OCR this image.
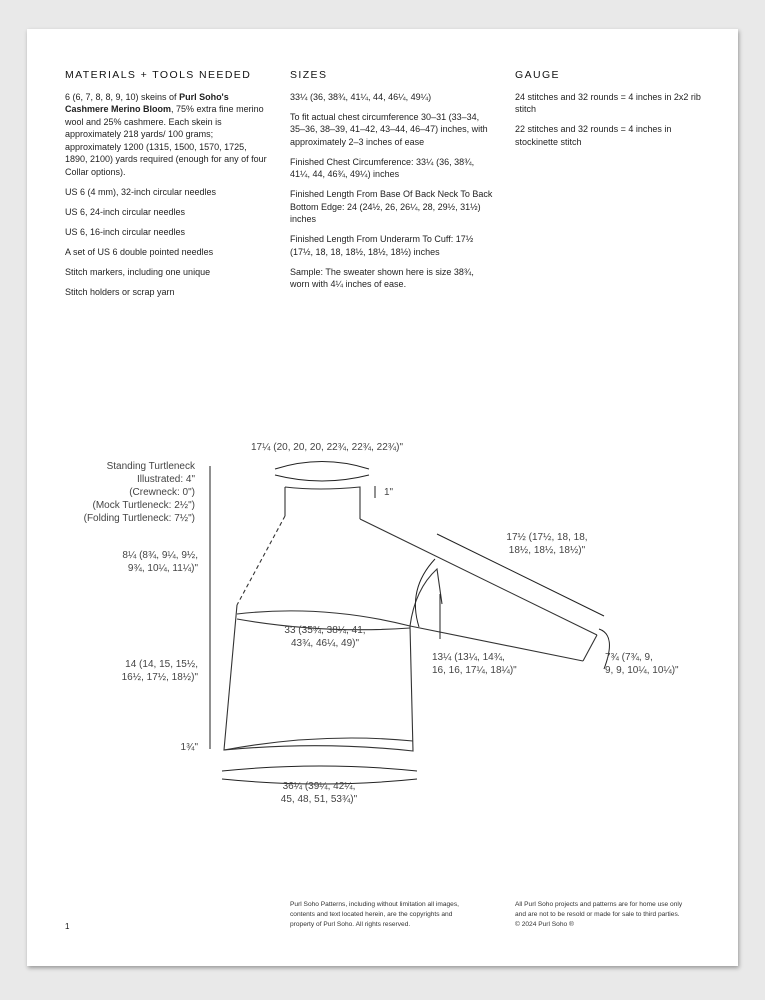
MATERIALS + TOOLS NEEDED

6 (6, 7, 8, 8, 9, 10) skeins of Purl Soho's Cashmere Merino Bloom, 75% extra fine merino wool and 25% cashmere. Each skein is approximately 218 yards/ 100 grams; approximately 1200 (1315, 1500, 1570, 1725, 1890, 2100) yards required (enough for any of four Collar options).

US 6 (4 mm), 32-inch circular needles

US 6, 24-inch circular needles

US 6, 16-inch circular needles

A set of US 6 double pointed needles

Stitch markers, including one unique

Stitch holders or scrap yarn

SIZES

33¼ (36, 38¾, 41¼, 44, 46¼, 49¼)

To fit actual chest circumference 30–31 (33–34, 35–36, 38–39, 41–42, 43–44, 46–47) inches, with approximately 2–3 inches of ease

Finished Chest Circumference: 33¼ (36, 38¾, 41¼, 44, 46¾, 49¼) inches

Finished Length From Base Of Back Neck To Back Bottom Edge: 24 (24½, 26, 26¼, 28, 29½, 31½) inches

Finished Length From Underarm To Cuff: 17½ (17½, 18, 18, 18½, 18½, 18½) inches

Sample: The sweater shown here is size 38¾, worn with 4¼ inches of ease.

GAUGE

24 stitches and 32 rounds = 4 inches in 2x2 rib stitch

22 stitches and 32 rounds = 4 inches in stockinette stitch

17¼ (20, 20, 20, 22¾, 22¾, 22¾)"
Standing Turtleneck
Illustrated: 4"
(Crewneck: 0")
(Mock Turtleneck: 2½")
(Folding Turtleneck: 7½")
1"
8¼ (8¾, 9¼, 9½,
9¾, 10¼, 11¼)"
17½ (17½, 18, 18,
18½, 18½, 18½)"
33 (35¾, 38¼, 41,
43¾, 46¼, 49)"
14 (14, 15, 15½,
16½, 17½, 18½)"
13¼ (13¼, 14¾,
16, 16, 17¼, 18¼)"
7¾ (7¾, 9,
9, 9, 10¼, 10¼)"
1¾"
36¼ (39¼, 42¼,
45, 48, 51, 53¾)"
Purl Soho Patterns, including without limitation all images,
contents and text located herein, are the copyrights and
property of Purl Soho. All rights reserved.
All Purl Soho projects and patterns are for home use only
and are not to be resold or made for sale to third parties.
© 2024 Purl Soho ®
1
